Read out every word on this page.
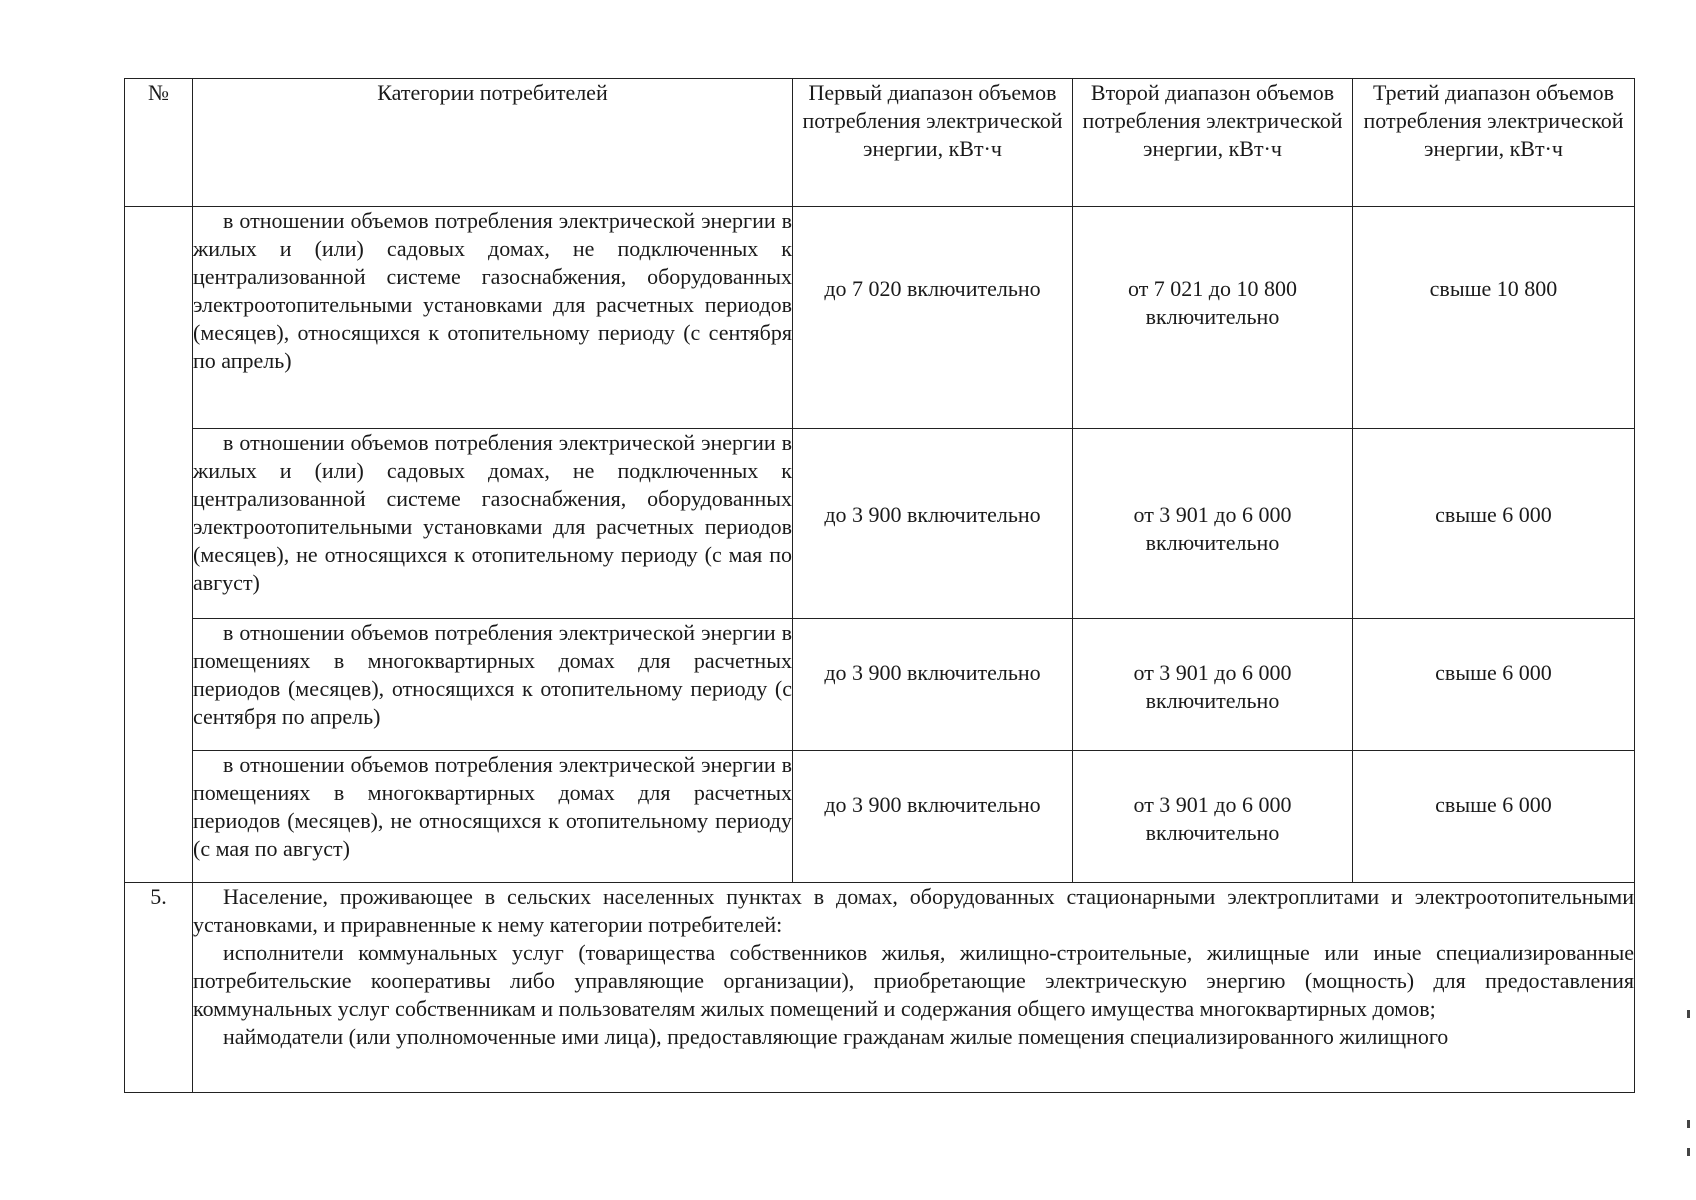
№	Категории потребителей	Первый диапазон объемов потребления электрической энергии, кВт·ч	Второй диапазон объемов потребления электрической энергии, кВт·ч	Третий диапазон объемов потребления электрической энергии, кВт·ч
	в отношении объемов потребления электрической энергии в жилых и (или) садовых домах, не подключенных к централизованной системе газоснабжения, оборудованных электроотопительными установками для расчетных периодов (месяцев), относящихся к отопительному периоду (с сентября по апрель)	до 7 020 включительно	от 7 021 до 10 800 включительно	свыше 10 800
	в отношении объемов потребления электрической энергии в жилых и (или) садовых домах, не подключенных к централизованной системе газоснабжения, оборудованных электроотопительными установками для расчетных периодов (месяцев), не относящихся к отопительному периоду (с мая по август)	до 3 900 включительно	от 3 901 до 6 000 включительно	свыше 6 000
	в отношении объемов потребления электрической энергии в помещениях в многоквартирных домах для расчетных периодов (месяцев), относящихся к отопительному периоду (с сентября по апрель)	до 3 900 включительно	от 3 901 до 6 000 включительно	свыше 6 000
	в отношении объемов потребления электрической энергии в помещениях в многоквартирных домах для расчетных периодов (месяцев), не относящихся к отопительному периоду (с мая по август)	до 3 900 включительно	от 3 901 до 6 000 включительно	свыше 6 000
5.	Население, проживающее в сельских населенных пунктах в домах, оборудованных стационарными электроплитами и электроотопительными установками, и приравненные к нему категории потребителей:

исполнители коммунальных услуг (товарищества собственников жилья, жилищно-строительные, жилищные или иные специализированные потребительские кооперативы либо управляющие организации), приобретающие электрическую энергию (мощность) для предоставления коммунальных услуг собственникам и пользователям жилых помещений и содержания общего имущества многоквартирных домов;

наймодатели (или уполномоченные ими лица), предоставляющие гражданам жилые помещения специализированного жилищного			
